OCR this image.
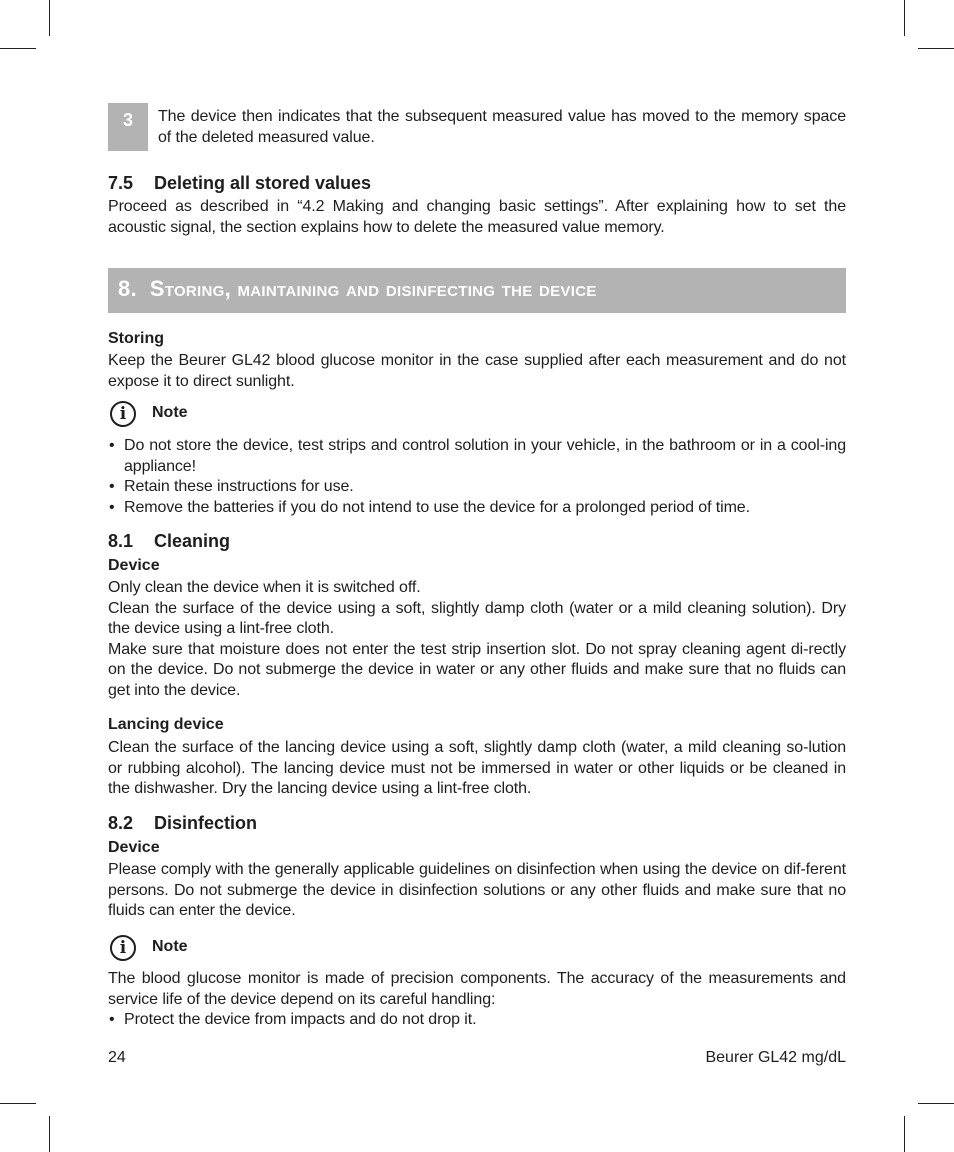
3	The device then indicates that the subsequent measured value has moved to the memory space of the deleted measured value.

7.5 Deleting all stored values

Proceed as described in “4.2 Making and changing basic settings”. After explaining how to set the acoustic signal, the section explains how to delete the measured value memory.

8. Storing, maintaining and disinfecting the device
Storing

Keep the Beurer GL42 blood glucose monitor in the case supplied after each measurement and do not expose it to direct sunlight.

i	Note
• Do not store the device, test strips and control solution in your vehicle, in the bathroom or in a cool-ing appliance!
• Retain these instructions for use.
• Remove the batteries if you do not intend to use the device for a prolonged period of time.
8.1 Cleaning
Device

Only clean the device when it is switched off.

Clean the surface of the device using a soft, slightly damp cloth (water or a mild cleaning solution). Dry the device using a lint-free cloth.

Make sure that moisture does not enter the test strip insertion slot. Do not spray cleaning agent di-rectly on the device. Do not submerge the device in water or any other fluids and make sure that no fluids can get into the device.

Lancing device

Clean the surface of the lancing device using a soft, slightly damp cloth (water, a mild cleaning so-lution or rubbing alcohol). The lancing device must not be immersed in water or other liquids or be cleaned in the dishwasher. Dry the lancing device using a lint-free cloth.

8.2 Disinfection
Device

Please comply with the generally applicable guidelines on disinfection when using the device on dif-ferent persons. Do not submerge the device in disinfection solutions or any other fluids and make sure that no fluids can enter the device.

i	Note

The blood glucose monitor is made of precision components. The accuracy of the measurements and service life of the device depend on its careful handling:

• Protect the device from impacts and do not drop it.
24	Beurer GL42 mg/dL
